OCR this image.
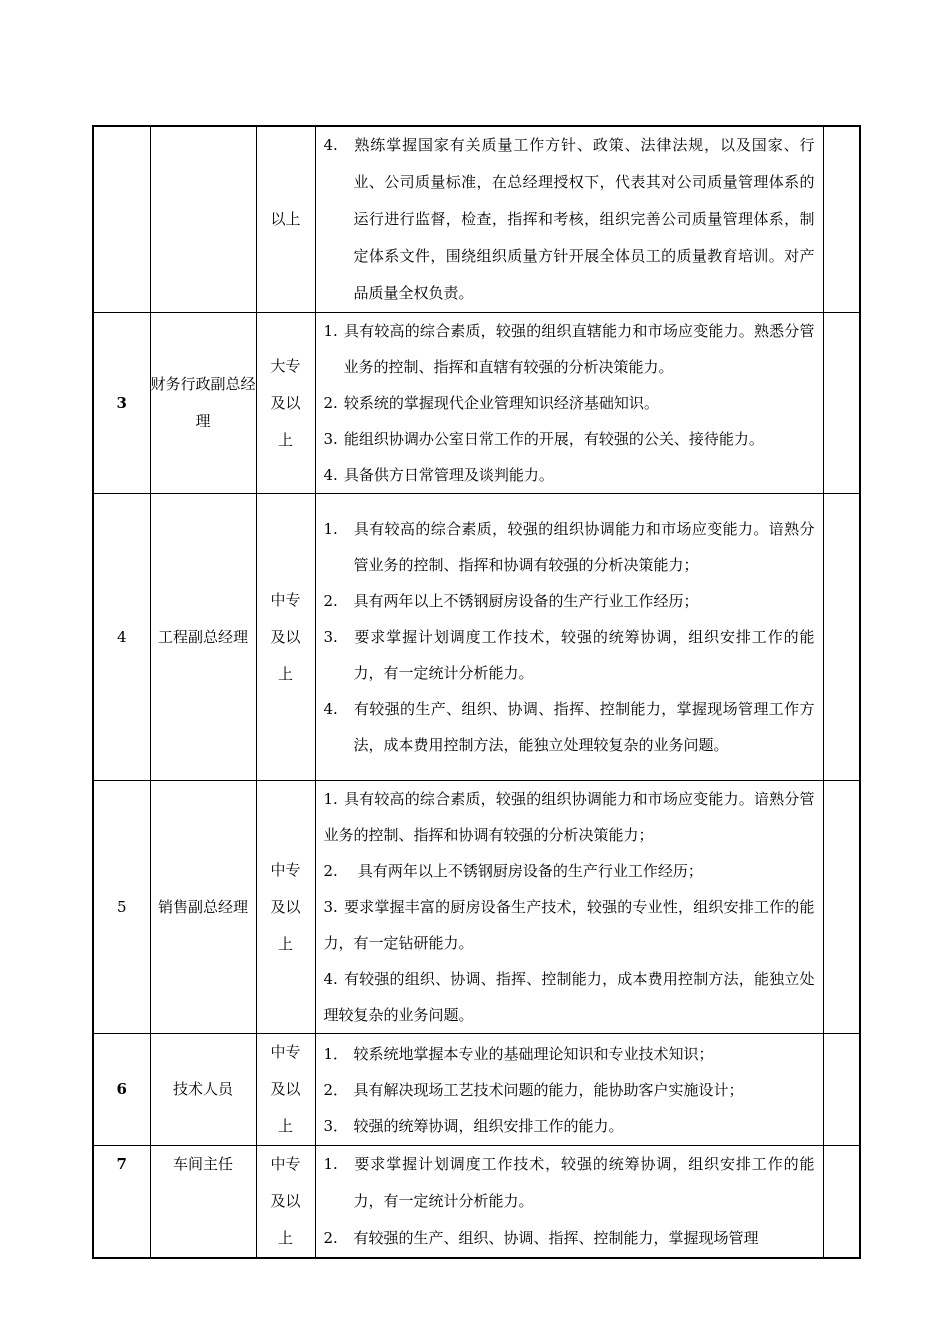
		以上	4. 熟练掌握国家有关质量工作方针、政策、法律法规，以及国家、行业、公司质量标准，在总经理授权下，代表其对公司质量管理体系的运行进行监督，检查，指挥和考核，组织完善公司质量管理体系，制定体系文件，围绕组织质量方针开展全体员工的质量教育培训。对产品质量全权负责。	

3	财务行政副总经理	大专及以上	1. 具有较高的综合素质，较强的组织直辖能力和市场应变能力。熟悉分管业务的控制、指挥和直辖有较强的分析决策能力。
2. 较系统的掌握现代企业管理知识经济基础知识。
3. 能组织协调办公室日常工作的开展，有较强的公关、接待能力。
4. 具备供方日常管理及谈判能力。	

4	工程副总经理	中专及以上	1. 具有较高的综合素质，较强的组织协调能力和市场应变能力。谙熟分管业务的控制、指挥和协调有较强的分析决策能力；
2. 具有两年以上不锈钢厨房设备的生产行业工作经历；
3. 要求掌握计划调度工作技术，较强的统筹协调，组织安排工作的能力，有一定统计分析能力。
4. 有较强的生产、组织、协调、指挥、控制能力，掌握现场管理工作方法，成本费用控制方法，能独立处理较复杂的业务问题。	

5	销售副总经理	中专及以上	1. 具有较高的综合素质，较强的组织协调能力和市场应变能力。谙熟分管业务的控制、指挥和协调有较强的分析决策能力；
2. 具有两年以上不锈钢厨房设备的生产行业工作经历；
3. 要求掌握丰富的厨房设备生产技术，较强的专业性，组织安排工作的能力，有一定钻研能力。
4. 有较强的组织、协调、指挥、控制能力，成本费用控制方法，能独立处理较复杂的业务问题。	

6	技术人员	中专及以上	1． 较系统地掌握本专业的基础理论知识和专业技术知识；
2． 具有解决现场工艺技术问题的能力，能协助客户实施设计；
3． 较强的统筹协调，组织安排工作的能力。	

7	车间主任	中专及以上	1. 要求掌握计划调度工作技术，较强的统筹协调，组织安排工作的能力，有一定统计分析能力。
2. 有较强的生产、组织、协调、指挥、控制能力，掌握现场管理	
